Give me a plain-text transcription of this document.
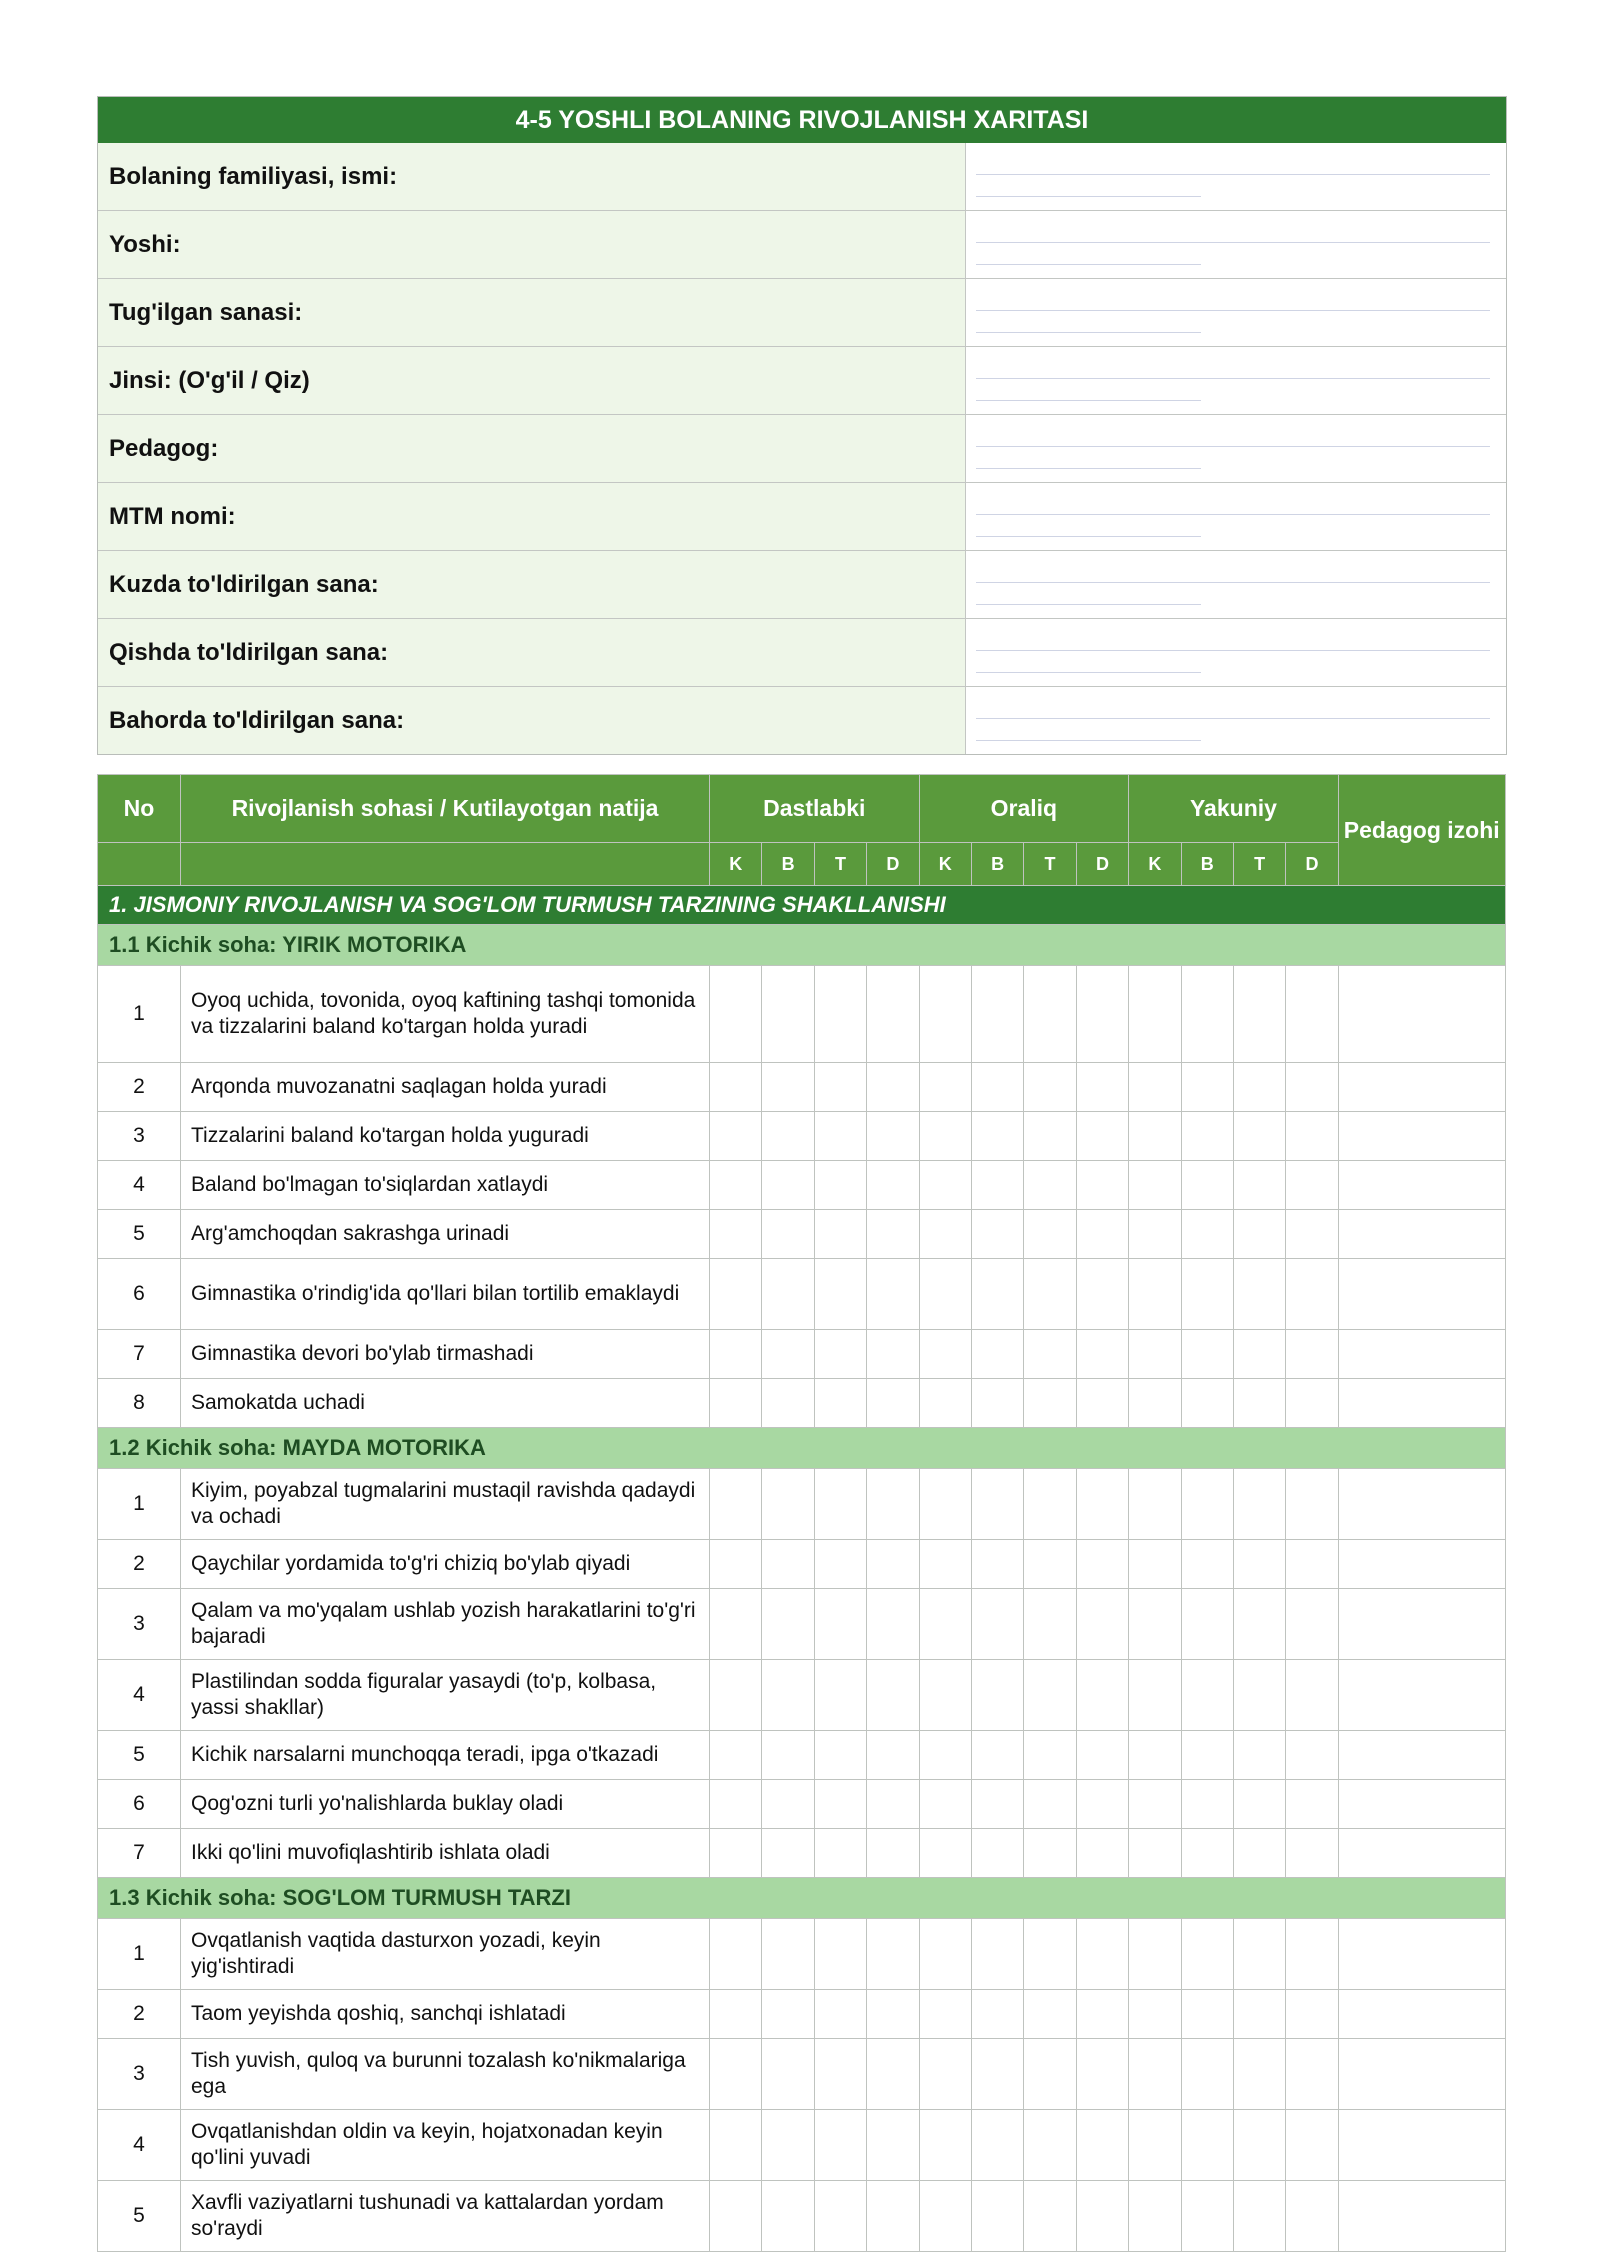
4-5 YOSHLI BOLANING RIVOJLANISH XARITASI
Bolaning familiyasi, ismi:
Yoshi:
Tug'ilgan sanasi:
Jinsi: (O'g'il / Qiz)
Pedagog:
MTM nomi:
Kuzda to'ldirilgan sana:
Qishda to'ldirilgan sana:
Bahorda to'ldirilgan sana:
No	Rivojlanish sohasi / Kutilayotgan natija	Dastlabki				Oraliq				Yakuniy				Pedagog izohi
		K	B	T	D	K	B	T	D	K	B	T	D	
1. JISMONIY RIVOJLANISH VA SOG'LOM TURMUSH TARZINING SHAKLLANISHI														
1.1 Kichik soha: YIRIK MOTORIKA														
1	Oyoq uchida, tovonida, oyoq kaftining tashqi tomonida va tizzalarini baland ko'targan holda yuradi													
2	Arqonda muvozanatni saqlagan holda yuradi													
3	Tizzalarini baland ko'targan holda yuguradi													
4	Baland bo'lmagan to'siqlardan xatlaydi													
5	Arg'amchoqdan sakrashga urinadi													
6	Gimnastika o'rindig'ida qo'llari bilan tortilib emaklaydi													
7	Gimnastika devori bo'ylab tirmashadi													
8	Samokatda uchadi													
1.2 Kichik soha: MAYDA MOTORIKA														
1	Kiyim, poyabzal tugmalarini mustaqil ravishda qadaydi va ochadi													
2	Qaychilar yordamida to'g'ri chiziq bo'ylab qiyadi													
3	Qalam va mo'yqalam ushlab yozish harakatlarini to'g'ri bajaradi													
4	Plastilindan sodda figuralar yasaydi (to'p, kolbasa, yassi shakllar)													
5	Kichik narsalarni munchoqqa teradi, ipga o'tkazadi													
6	Qog'ozni turli yo'nalishlarda buklay oladi													
7	Ikki qo'lini muvofiqlashtirib ishlata oladi													
1.3 Kichik soha: SOG'LOM TURMUSH TARZI														
1	Ovqatlanish vaqtida dasturxon yozadi, keyin yig'ishtiradi													
2	Taom yeyishda qoshiq, sanchqi ishlatadi													
3	Tish yuvish, quloq va burunni tozalash ko'nikmalariga ega													
4	Ovqatlanishdan oldin va keyin, hojatxonadan keyin qo'lini yuvadi													
5	Xavfli vaziyatlarni tushunadi va kattalardan yordam so'raydi													
